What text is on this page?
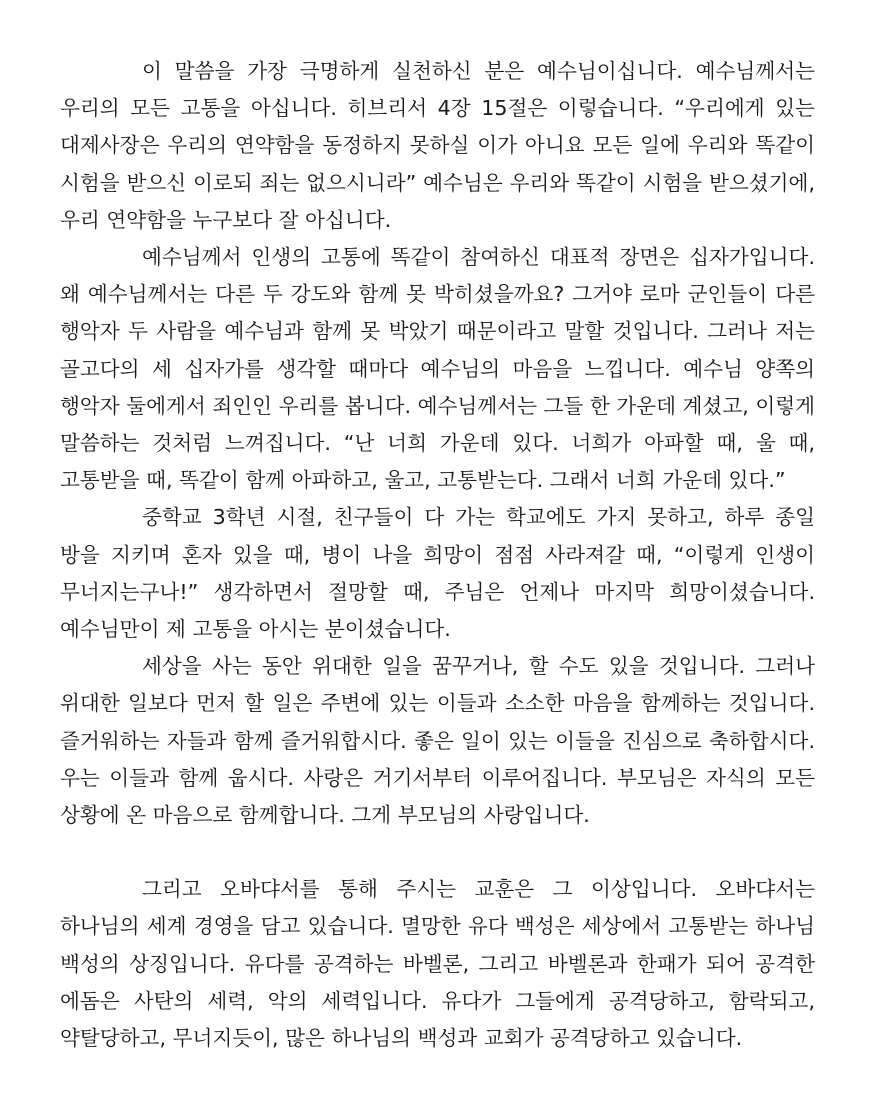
이 말씀을 가장 극명하게 실천하신 분은 예수님이십니다. 예수님께서는 우리의 모든 고통을 아십니다. 히브리서 4장 15절은 이렇습니다. “우리에게 있는 대제사장은 우리의 연약함을 동정하지 못하실 이가 아니요 모든 일에 우리와 똑같이 시험을 받으신 이로되 죄는 없으시니라” 예수님은 우리와 똑같이 시험을 받으셨기에, 우리 연약함을 누구보다 잘 아십니다.

예수님께서 인생의 고통에 똑같이 참여하신 대표적 장면은 십자가입니다. 왜 예수님께서는 다른 두 강도와 함께 못 박히셨을까요? 그거야 로마 군인들이 다른 행악자 두 사람을 예수님과 함께 못 박았기 때문이라고 말할 것입니다. 그러나 저는 골고다의 세 십자가를 생각할 때마다 예수님의 마음을 느낍니다. 예수님 양쪽의 행악자 둘에게서 죄인인 우리를 봅니다. 예수님께서는 그들 한 가운데 계셨고, 이렇게 말씀하는 것처럼 느껴집니다. “난 너희 가운데 있다. 너희가 아파할 때, 울 때, 고통받을 때, 똑같이 함께 아파하고, 울고, 고통받는다. 그래서 너희 가운데 있다.”

중학교 3학년 시절, 친구들이 다 가는 학교에도 가지 못하고, 하루 종일 방을 지키며 혼자 있을 때, 병이 나을 희망이 점점 사라져갈 때, “이렇게 인생이 무너지는구나!” 생각하면서 절망할 때, 주님은 언제나 마지막 희망이셨습니다. 예수님만이 제 고통을 아시는 분이셨습니다.

세상을 사는 동안 위대한 일을 꿈꾸거나, 할 수도 있을 것입니다. 그러나 위대한 일보다 먼저 할 일은 주변에 있는 이들과 소소한 마음을 함께하는 것입니다. 즐거워하는 자들과 함께 즐거워합시다. 좋은 일이 있는 이들을 진심으로 축하합시다. 우는 이들과 함께 웁시다. 사랑은 거기서부터 이루어집니다. 부모님은 자식의 모든 상황에 온 마음으로 함께합니다. 그게 부모님의 사랑입니다.

그리고 오바댜서를 통해 주시는 교훈은 그 이상입니다. 오바댜서는 하나님의 세계 경영을 담고 있습니다. 멸망한 유다 백성은 세상에서 고통받는 하나님 백성의 상징입니다. 유다를 공격하는 바벨론, 그리고 바벨론과 한패가 되어 공격한 에돔은 사탄의 세력, 악의 세력입니다. 유다가 그들에게 공격당하고, 함락되고, 약탈당하고, 무너지듯이, 많은 하나님의 백성과 교회가 공격당하고 있습니다.
